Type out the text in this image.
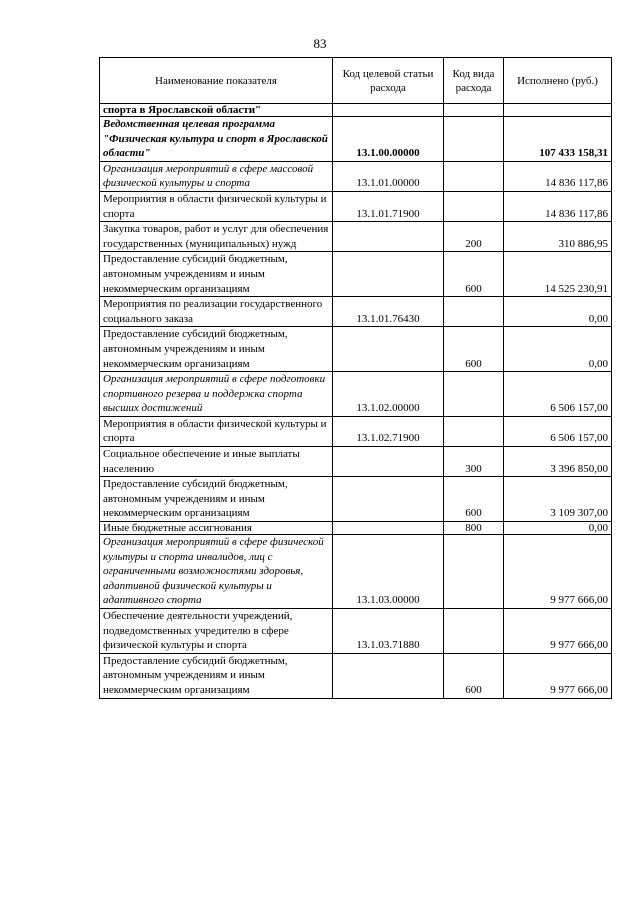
83
Наименование показателя	Код целевой статьи расхода	Код вида расхода	Исполнено (руб.)
спорта в Ярославской области"			
Ведомственная целевая программа "Физическая культура и спорт в Ярославской области"	13.1.00.00000		107 433 158,31
Организация мероприятий в сфере массовой физической культуры и спорта	13.1.01.00000		14 836 117,86
Мероприятия в области физической культуры и спорта	13.1.01.71900		14 836 117,86
Закупка товаров, работ и услуг для обеспечения государственных (муниципальных) нужд		200	310 886,95
Предоставление субсидий бюджетным, автономным учреждениям и иным некоммерческим организациям		600	14 525 230,91
Мероприятия по реализации государственного социального заказа	13.1.01.76430		0,00
Предоставление субсидий бюджетным, автономным учреждениям и иным некоммерческим организациям		600	0,00
Организация мероприятий в сфере подготовки спортивного резерва и поддержка спорта высших достижений	13.1.02.00000		6 506 157,00
Мероприятия в области физической культуры и спорта	13.1.02.71900		6 506 157,00
Социальное обеспечение и иные выплаты населению		300	3 396 850,00
Предоставление субсидий бюджетным, автономным учреждениям и иным некоммерческим организациям		600	3 109 307,00
Иные бюджетные ассигнования		800	0,00
Организация мероприятий в сфере физической культуры и спорта инвалидов, лиц с ограниченными возможностями здоровья, адаптивной физической культуры и адаптивного спорта	13.1.03.00000		9 977 666,00
Обеспечение деятельности учреждений, подведомственных учредителю в сфере физической культуры и спорта	13.1.03.71880		9 977 666,00
Предоставление субсидий бюджетным, автономным учреждениям и иным некоммерческим организациям		600	9 977 666,00
